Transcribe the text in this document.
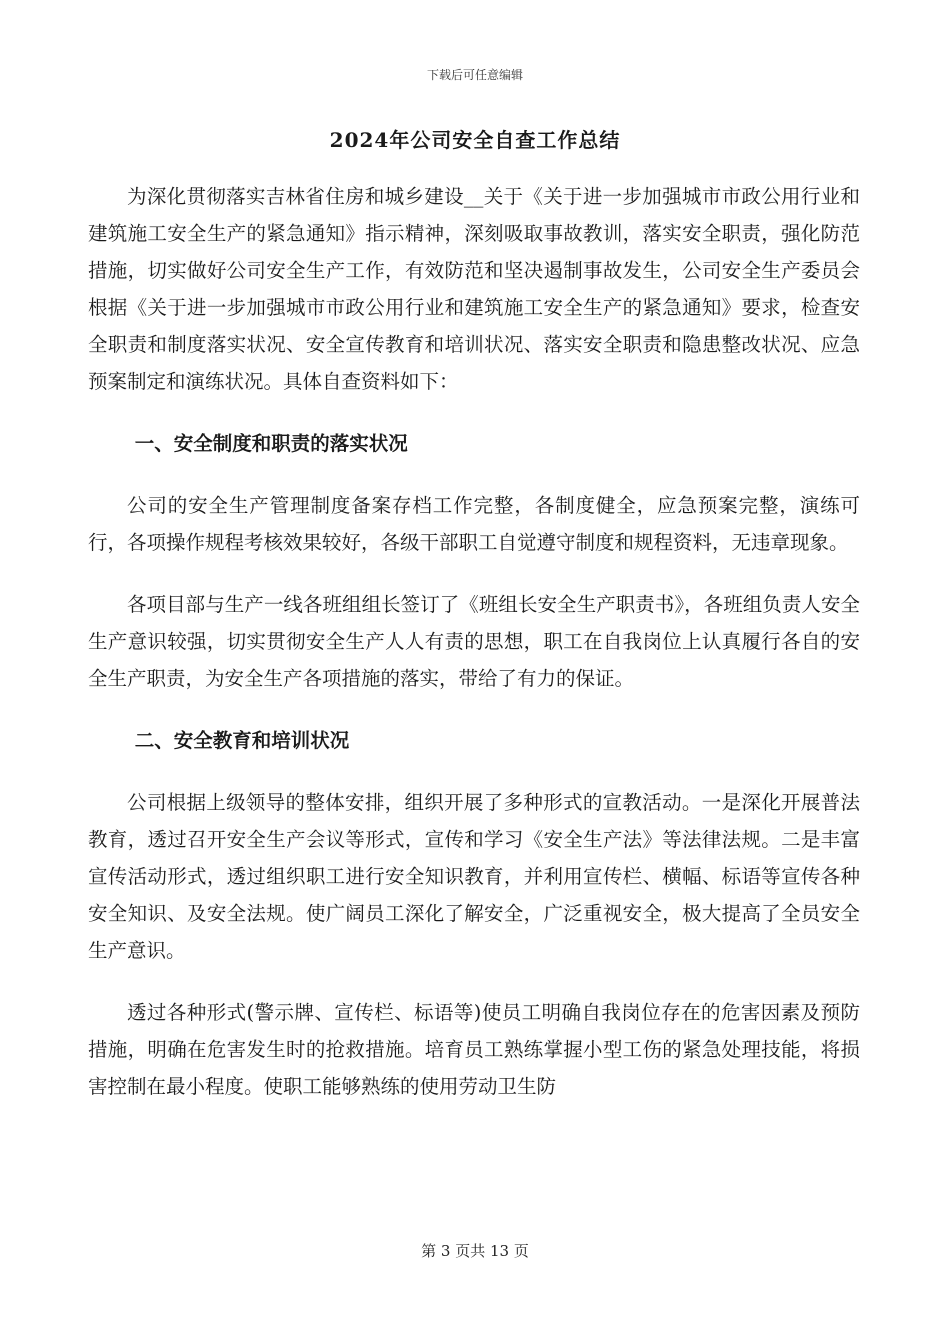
下载后可任意编辑
2024年公司安全自查工作总结

为深化贯彻落实吉林省住房和城乡建设__关于《关于进一步加强城市市政公用行业和建筑施工安全生产的紧急通知》指示精神，深刻吸取事故教训，落实安全职责，强化防范措施，切实做好公司安全生产工作，有效防范和坚决遏制事故发生，公司安全生产委员会根据《关于进一步加强城市市政公用行业和建筑施工安全生产的紧急通知》要求，检查安全职责和制度落实状况、安全宣传教育和培训状况、落实安全职责和隐患整改状况、应急预案制定和演练状况。具体自查资料如下：

一、安全制度和职责的落实状况

公司的安全生产管理制度备案存档工作完整，各制度健全，应急预案完整，演练可行，各项操作规程考核效果较好，各级干部职工自觉遵守制度和规程资料，无违章现象。

各项目部与生产一线各班组组长签订了《班组长安全生产职责书》，各班组负责人安全生产意识较强，切实贯彻安全生产人人有责的思想，职工在自我岗位上认真履行各自的安全生产职责，为安全生产各项措施的落实，带给了有力的保证。

二、安全教育和培训状况

公司根据上级领导的整体安排，组织开展了多种形式的宣教活动。一是深化开展普法教育，透过召开安全生产会议等形式，宣传和学习《安全生产法》等法律法规。二是丰富宣传活动形式，透过组织职工进行安全知识教育，并利用宣传栏、横幅、标语等宣传各种安全知识、及安全法规。使广阔员工深化了解安全，广泛重视安全，极大提高了全员安全生产意识。

透过各种形式(警示牌、宣传栏、标语等)使员工明确自我岗位存在的危害因素及预防措施，明确在危害发生时的抢救措施。培育员工熟练掌握小型工伤的紧急处理技能，将损害控制在最小程度。使职工能够熟练的使用劳动卫生防

第 3 页共 13 页
